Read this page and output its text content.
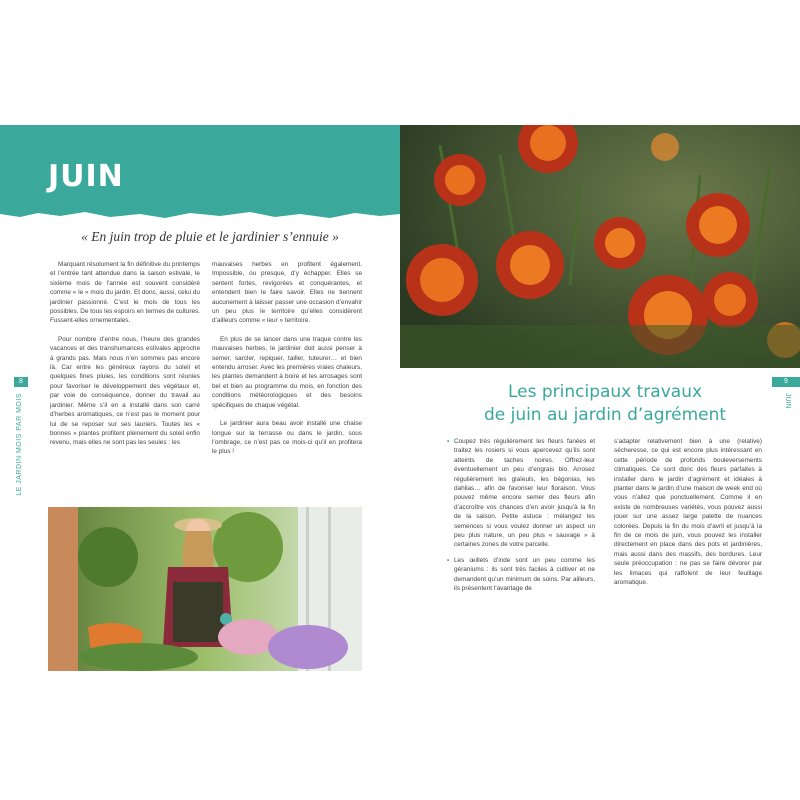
JUIN

« En juin trop de pluie et le jardinier s’ennuie »

Marquant résolument la fin définitive du printemps et l’entrée tant attendue dans la saison estivale, le sixième mois de l’année est souvent considéré comme « le » mois du jardin. Et donc, aussi, celui du jardinier passionné. C’est le mois de tous les possibles. De tous les espoirs en termes de cultures. Fussent-elles ornementales.

Pour nombre d’entre nous, l’heure des grandes vacances et des transhumances estivales approche à grands pas. Mais nous n’en sommes pas encore là. Car entre les généreux rayons du soleil et quelques fines pluies, les conditions sont réunies pour favoriser le développement des végétaux et, par voie de conséquence, donner du travail au jardinier. Même s’il en a installé dans son carré d’herbes aromatiques, ce n’est pas le moment pour lui de se reposer sur ses lauriers. Toutes les « bonnes » plantes profitent pleinement du soleil enfin revenu, mais elles ne sont pas les seules : les

mauvaises herbes en profitent également. Impossible, ou presque, d’y échapper. Elles se sentent fortes, revigorées et conquérantes, et entendent bien le faire savoir. Elles ne tiennent aucunement à laisser passer une occasion d’envahir un peu plus le territoire qu’elles considèrent d’ailleurs comme « leur » territoire.

En plus de se lancer dans une traque contre les mauvaises herbes, le jardinier doit aussi penser à semer, sarcler, repiquer, tailler, tuteurer… et bien entendu arroser. Avec les premières vraies chaleurs, les plantes demandent à boire et les arrosages sont bel et bien au programme du mois, en fonction des conditions météorologiques et des besoins spécifiques de chaque végétal.

Le jardinier aura beau avoir installé une chaise longue sur la terrasse ou dans le jardin, sous l’ombrage, ce n’est pas ce mois-ci qu’il en profitera le plus !

8
LE JARDIN MOIS PAR MOIS
Les principaux travaux
de juin au jardin d’agrément
9
JUIN
• Coupez très régulièrement les fleurs fanées et traitez les rosiers si vous apercevez qu’ils sont atteints de taches noires. Offrez-leur éventuellement un peu d’engrais bio. Arrosez régulièrement les glaïeuls, les bégonias, les dahlias… afin de favoriser leur floraison. Vous pouvez même encore semer des fleurs afin d’accroître vos chances d’en avoir jusqu’à la fin de la saison. Petite astuce : mélangez les semences si vous voulez donner un aspect un peu plus nature, un peu plus « sauvage » à certaines zones de votre parcelle.
• Les œillets d’inde sont un peu comme les géraniums : ils sont très faciles à cultiver et ne demandent qu’un minimum de soins. Par ailleurs, ils présentent l’avantage de

s’adapter relativement bien à une (relative) sécheresse, ce qui est encore plus intéressant en cette période de profonds bouleversements climatiques. Ce sont donc des fleurs parfaites à installer dans le jardin d’agrément et idéales à planter dans le jardin d’une maison de week end où vous n’allez que ponctuellement. Comme il en existe de nombreuses variétés, vous pouvez aussi jouer sur une assez large palette de nuances colorées. Depuis la fin du mois d’avril et jusqu’à la fin de ce mois de juin, vous pouvez les installer directement en place dans des pots et jardinières, mais aussi dans des massifs, des bordures. Leur seule préoccupation : ne pas se faire dévorer par les limaces qui raffolent de leur feuillage aromatique.
